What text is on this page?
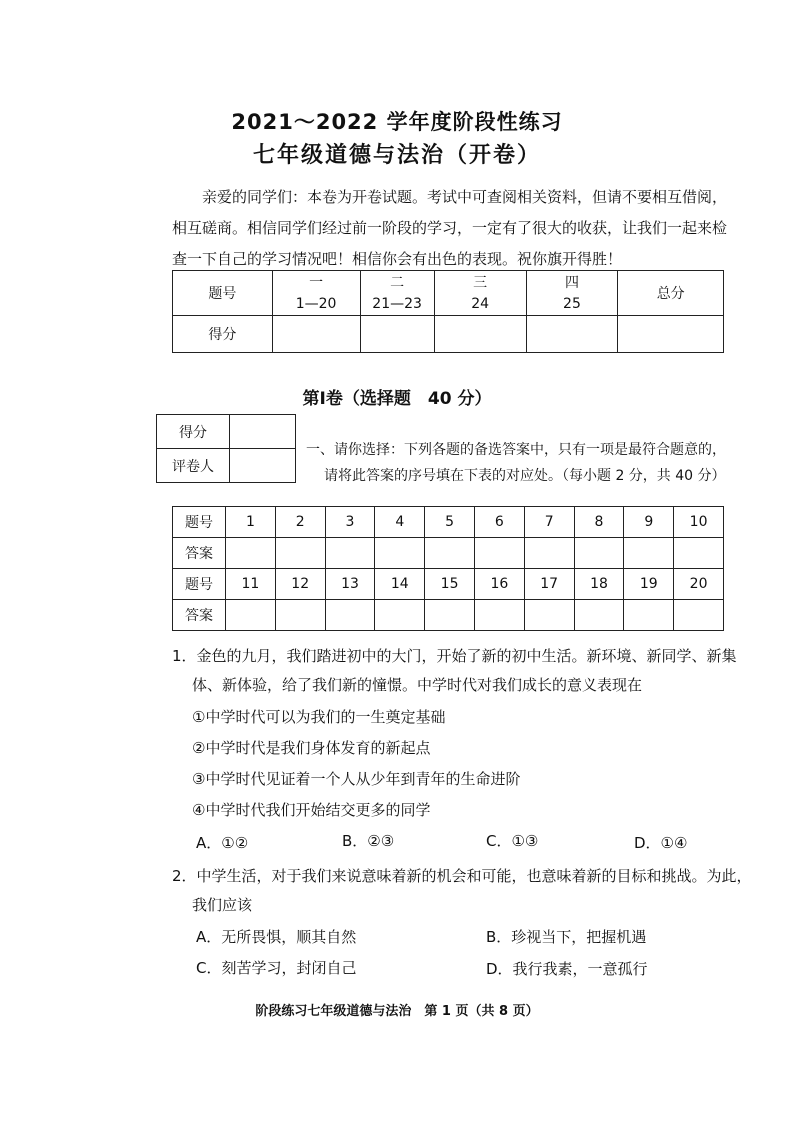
2021～2022 学年度阶段性练习
七年级道德与法治（开卷）
亲爱的同学们：本卷为开卷试题。考试中可查阅相关资料，但请不要相互借阅，相互磋商。相信同学们经过前一阶段的学习，一定有了很大的收获，让我们一起来检查一下自己的学习情况吧！相信你会有出色的表现。祝你旗开得胜！
题号	一	二	三	四	总分
	1—20	21—23	24	25	
得分					
第Ⅰ卷（选择题　40 分）
得分	
评卷人	
一、请你选择：下列各题的备选答案中，只有一项是最符合题意的，
请将此答案的序号填在下表的对应处。（每小题 2 分，共 40 分）
题号	1	2	3	4	5	6	7	8	9	10
答案										
题号	11	12	13	14	15	16	17	18	19	20
答案										
1．金色的九月，我们踏进初中的大门，开始了新的初中生活。新环境、新同学、新集
体、新体验，给了我们新的憧憬。中学时代对我们成长的意义表现在
①中学时代可以为我们的一生奠定基础
②中学时代是我们身体发育的新起点
③中学时代见证着一个人从少年到青年的生命进阶
④中学时代我们开始结交更多的同学
A．①②	B．②③	C．①③	D．①④
2．中学生活，对于我们来说意味着新的机会和可能，也意味着新的目标和挑战。为此，
我们应该
A．无所畏惧，顺其自然	B．珍视当下，把握机遇
C．刻苦学习，封闭自己	D．我行我素，一意孤行
阶段练习七年级道德与法治　第 1 页（共 8 页）
